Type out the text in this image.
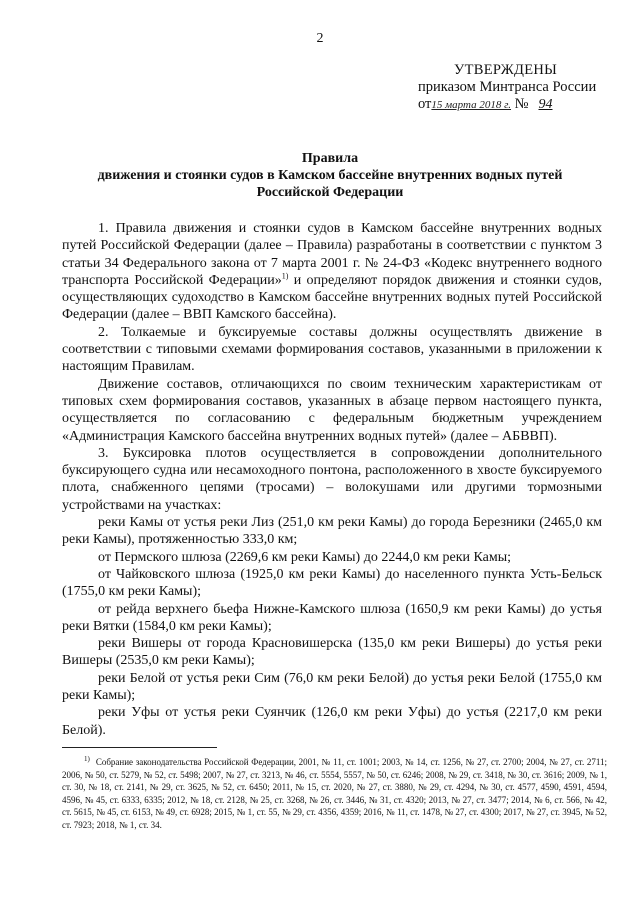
2
УТВЕРЖДЕНЫ
приказом Минтранса России
от15 марта 2018 г. № 94
Правила
движения и стоянки судов в Камском бассейне внутренних водных путей
Российской Федерации

1. Правила движения и стоянки судов в Камском бассейне внутренних водных путей Российской Федерации (далее – Правила) разработаны в соответствии с пунктом 3 статьи 34 Федерального закона от 7 марта 2001 г. № 24-ФЗ «Кодекс внутреннего водного транспорта Российской Федерации»$^{1)}$ и определяют порядок движения и стоянки судов, осуществляющих судоходство в Камском бассейне внутренних водных путей Российской Федерации (далее – ВВП Камского бассейна).

2. Толкаемые и буксируемые составы должны осуществлять движение в соответствии с типовыми схемами формирования составов, указанными в приложении к настоящим Правилам.

Движение составов, отличающихся по своим техническим характеристикам от типовых схем формирования составов, указанных в абзаце первом настоящего пункта, осуществляется по согласованию с федеральным бюджетным учреждением «Администрация Камского бассейна внутренних водных путей» (далее – АБВВП).

3. Буксировка плотов осуществляется в сопровождении дополнительного буксирующего судна или несамоходного понтона, расположенного в хвосте буксируемого плота, снабженного цепями (тросами) – волокушами или другими тормозными устройствами на участках:

реки Камы от устья реки Лиз (251,0 км реки Камы) до города Березники (2465,0 км реки Камы), протяженностью 333,0 км;

от Пермского шлюза (2269,6 км реки Камы) до 2244,0 км реки Камы;

от Чайковского шлюза (1925,0 км реки Камы) до населенного пункта Усть-Бельск (1755,0 км реки Камы);

от рейда верхнего бьефа Нижне-Камского шлюза (1650,9 км реки Камы) до устья реки Вятки (1584,0 км реки Камы);

реки Вишеры от города Красновишерска (135,0 км реки Вишеры) до устья реки Вишеры (2535,0 км реки Камы);

реки Белой от устья реки Сим (76,0 км реки Белой) до устья реки Белой (1755,0 км реки Камы);

реки Уфы от устья реки Суянчик (126,0 км реки Уфы) до устья (2217,0 км реки Белой).

$^{1)}$ Собрание законодательства Российской Федерации, 2001, № 11, ст. 1001; 2003, № 14, ст. 1256, № 27, ст. 2700; 2004, № 27, ст. 2711; 2006, № 50, ст. 5279, № 52, ст. 5498; 2007, № 27, ст. 3213, № 46, ст. 5554, 5557, № 50, ст. 6246; 2008, № 29, ст. 3418, № 30, ст. 3616; 2009, № 1, ст. 30, № 18, ст. 2141, № 29, ст. 3625, № 52, ст. 6450; 2011, № 15, ст. 2020, № 27, ст. 3880, № 29, ст. 4294, № 30, ст. 4577, 4590, 4591, 4594, 4596, № 45, ст. 6333, 6335; 2012, № 18, ст. 2128, № 25, ст. 3268, № 26, ст. 3446, № 31, ст. 4320; 2013, № 27, ст. 3477; 2014, № 6, ст. 566, № 42, ст. 5615, № 45, ст. 6153, № 49, ст. 6928; 2015, № 1, ст. 55, № 29, ст. 4356, 4359; 2016, № 11, ст. 1478, № 27, ст. 4300; 2017, № 27, ст. 3945, № 52, ст. 7923; 2018, № 1, ст. 34.
